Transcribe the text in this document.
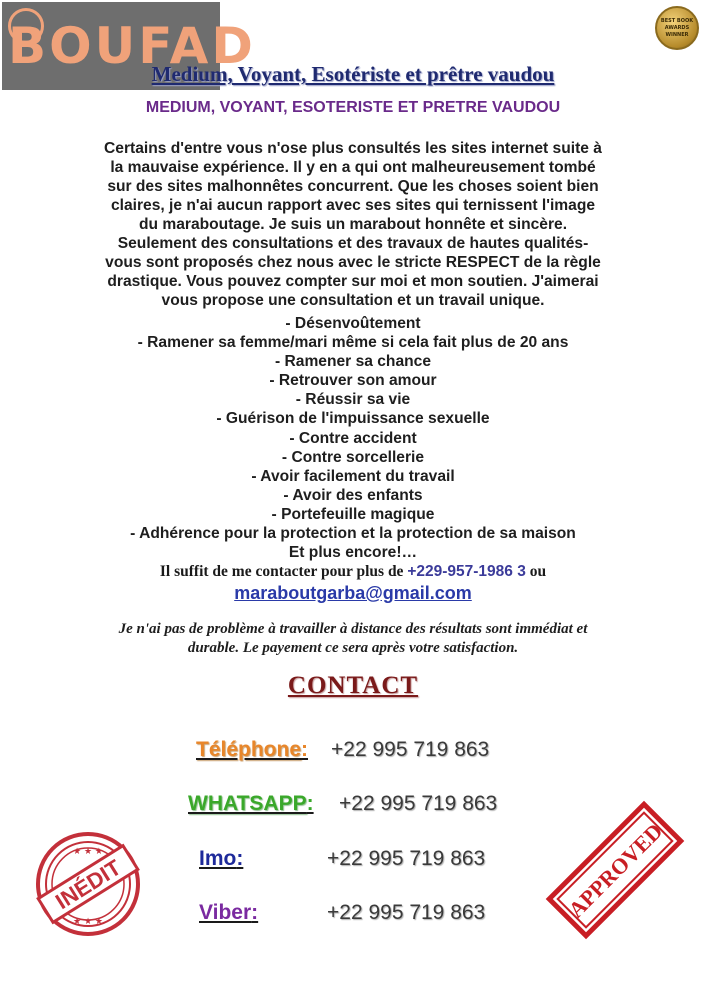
BOUFAD	BEST BOOK AWARDS WINNER
Medium, Voyant, Esotériste et prêtre vaudou
MEDIUM, VOYANT, ESOTERISTE ET PRETRE VAUDOU

Certains d'entre vous n'ose plus consultés les sites internet suite à

la mauvaise expérience. Il y en a qui ont malheureusement tombé

sur des sites malhonnêtes concurrent. Que les choses soient bien

claires, je n'ai aucun rapport avec ses sites qui ternissent l'image

du maraboutage. Je suis un marabout honnête et sincère.

Seulement des consultations et des travaux de hautes qualités-

vous sont proposés chez nous avec le stricte RESPECT de la règle

drastique. Vous pouvez compter sur moi et mon soutien. J'aimerai

vous propose une consultation et un travail unique.

- Désenvoûtement
- Ramener sa femme/mari même si cela fait plus de 20 ans
- Ramener sa chance
- Retrouver son amour
- Réussir sa vie
- Guérison de l'impuissance sexuelle
- Contre accident
- Contre sorcellerie
- Avoir facilement du travail
- Avoir des enfants
- Portefeuille magique
- Adhérence pour la protection et la protection de sa maison
Et plus encore!…
Il suffit de me contacter pour plus de +229-957-1986 3 ou
maraboutgarba@gmail.com
Je n'ai pas de problème à travailler à distance des résultats sont immédiat et
durable. Le payement ce sera après votre satisfaction.
CONTACT
Téléphone: +22 995 719 863
WHATSAPP: +22 995 719 863
Imo:	+22 995 719 863
Viber:	+22 995 719 863
INÉDIT
★ ★ ★
★ ★ ★	APPROVED
